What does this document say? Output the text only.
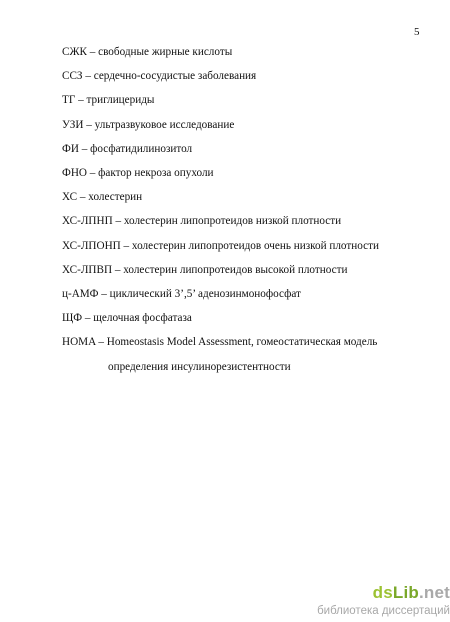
5
СЖК – свободные жирные кислоты
ССЗ – сердечно-сосудистые заболевания
ТГ – триглицериды
УЗИ – ультразвуковое исследование
ФИ – фосфатидилинозитол
ФНО – фактор некроза опухоли
ХС – холестерин
ХС-ЛПНП – холестерин липопротеидов низкой плотности
ХС-ЛПОНП – холестерин липопротеидов очень низкой плотности
ХС-ЛПВП – холестерин липопротеидов высокой плотности
ц-АМФ – циклический 3’,5’ аденозинмонофосфат
ЩФ – щелочная фосфатаза
HOMA – Homeostasis Model Assessment, гомеостатическая модель
определения инсулинорезистентности
dsLib.net
библиотека диссертаций
